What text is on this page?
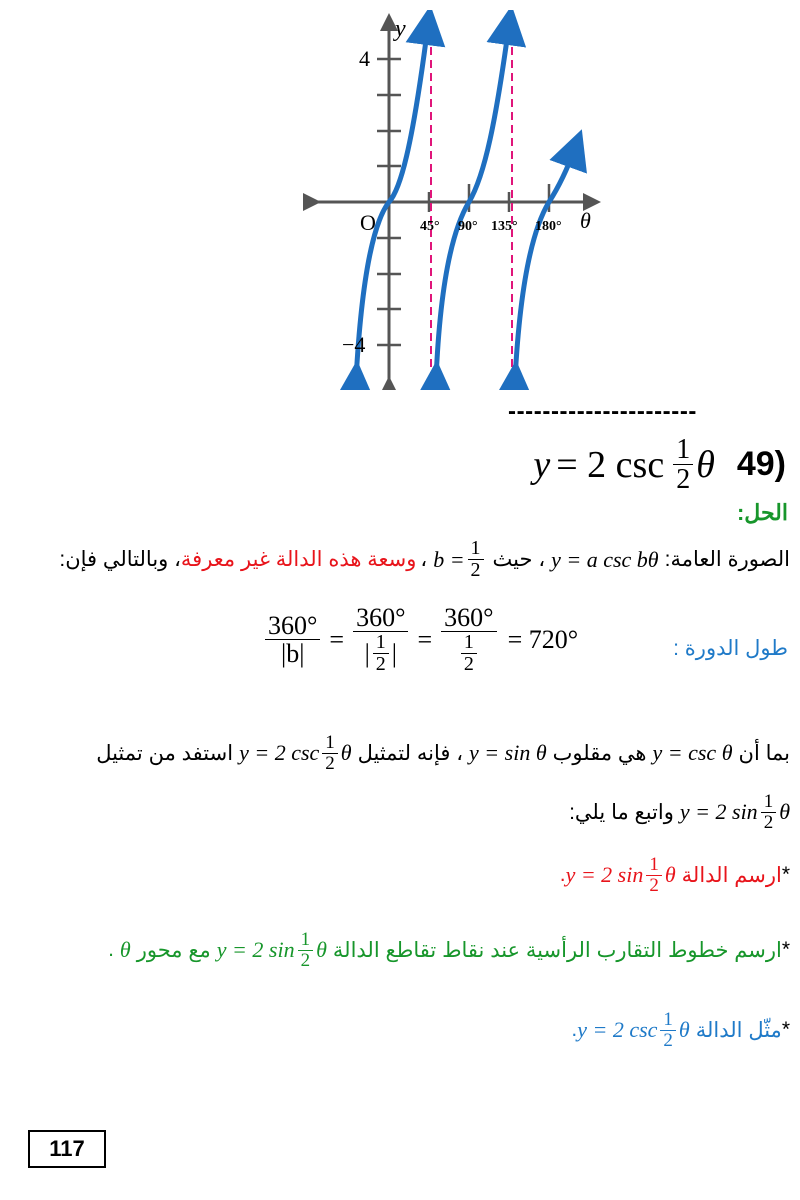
y
θ
O
4
−4
45° 90° 135° 180°
----------------------
y = 2 $\csc \frac{1}{2}$ θ 49)
الحل:
الصورة العامة:
y = a csc bθ
، حيث
$b = \frac{1}{2}$
،
وسعة هذه الدالة غير معرفة
، وبالتالي فإن:
طول الدورة :
$\frac{360^\circ}{|b|} = \frac{360^\circ}{| \frac{1}{2} |} = \frac{360^\circ}{\frac{1}{2}} = 720^\circ$
بما أن
y = csc θ
هي مقلوب
y = sin θ
، فإنه لتمثيل
y = 2 $\csc \frac{1}{2}$ θ
استفد من تمثيل
y = 2 $\sin \frac{1}{2}$ θ
واتبع ما يلي:
*
ارسم الدالة
y = 2 $\sin \frac{1}{2}$ θ
.
*
ارسم خطوط التقارب الرأسية عند نقاط تقاطع الدالة
y = 2 $\sin \frac{1}{2}$ θ
مع محور
θ
.
*
مثّل الدالة
y = 2 $\csc \frac{1}{2}$ θ
.
117
